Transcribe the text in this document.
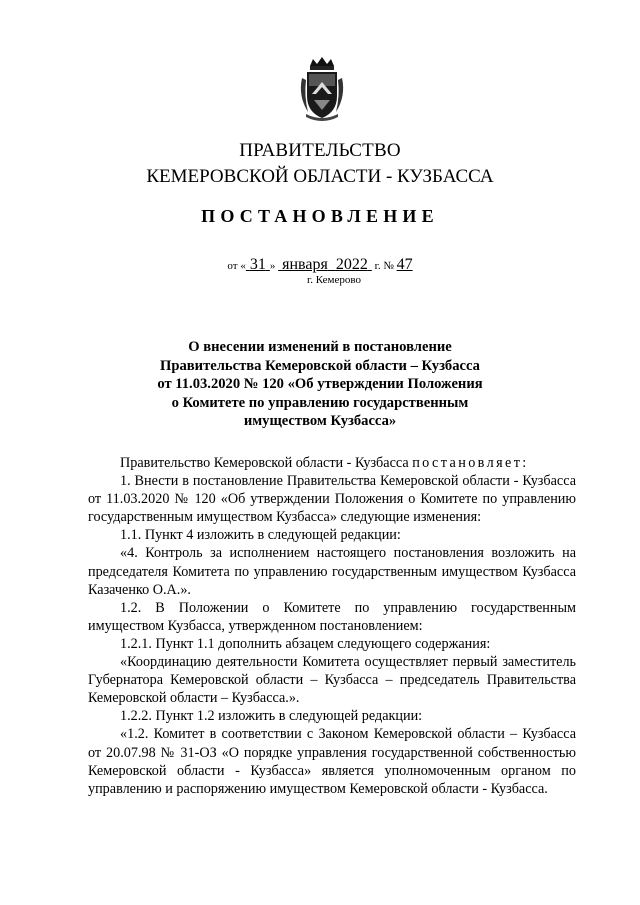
ПРАВИТЕЛЬСТВО
КЕМЕРОВСКОЙ ОБЛАСТИ - КУЗБАССА
ПОСТАНОВЛЕНИЕ
от « 31 » января 2022 г. № 47
г. Кемерово
О внесении изменений в постановление
Правительства Кемеровской области – Кузбасса
от 11.03.2020 № 120 «Об утверждении Положения
о Комитете по управлению государственным
имуществом Кузбасса»

Правительство Кемеровской области - Кузбасса постановляет:

1. Внести в постановление Правительства Кемеровской области - Кузбасса от 11.03.2020 № 120 «Об утверждении Положения о Комитете по управлению государственным имуществом Кузбасса» следующие изменения:

1.1. Пункт 4 изложить в следующей редакции:

«4. Контроль за исполнением настоящего постановления возложить на председателя Комитета по управлению государственным имуществом Кузбасса Казаченко О.А.».

1.2. В Положении о Комитете по управлению государственным имуществом Кузбасса, утвержденном постановлением:

1.2.1. Пункт 1.1 дополнить абзацем следующего содержания:

«Координацию деятельности Комитета осуществляет первый заместитель Губернатора Кемеровской области – Кузбасса – председатель Правительства Кемеровской области – Кузбасса.».

1.2.2. Пункт 1.2 изложить в следующей редакции:

«1.2. Комитет в соответствии с Законом Кемеровской области – Кузбасса от 20.07.98 № 31-ОЗ «О порядке управления государственной собственностью Кемеровской области - Кузбасса» является уполномоченным органом по управлению и распоряжению имуществом Кемеровской области - Кузбасса.
